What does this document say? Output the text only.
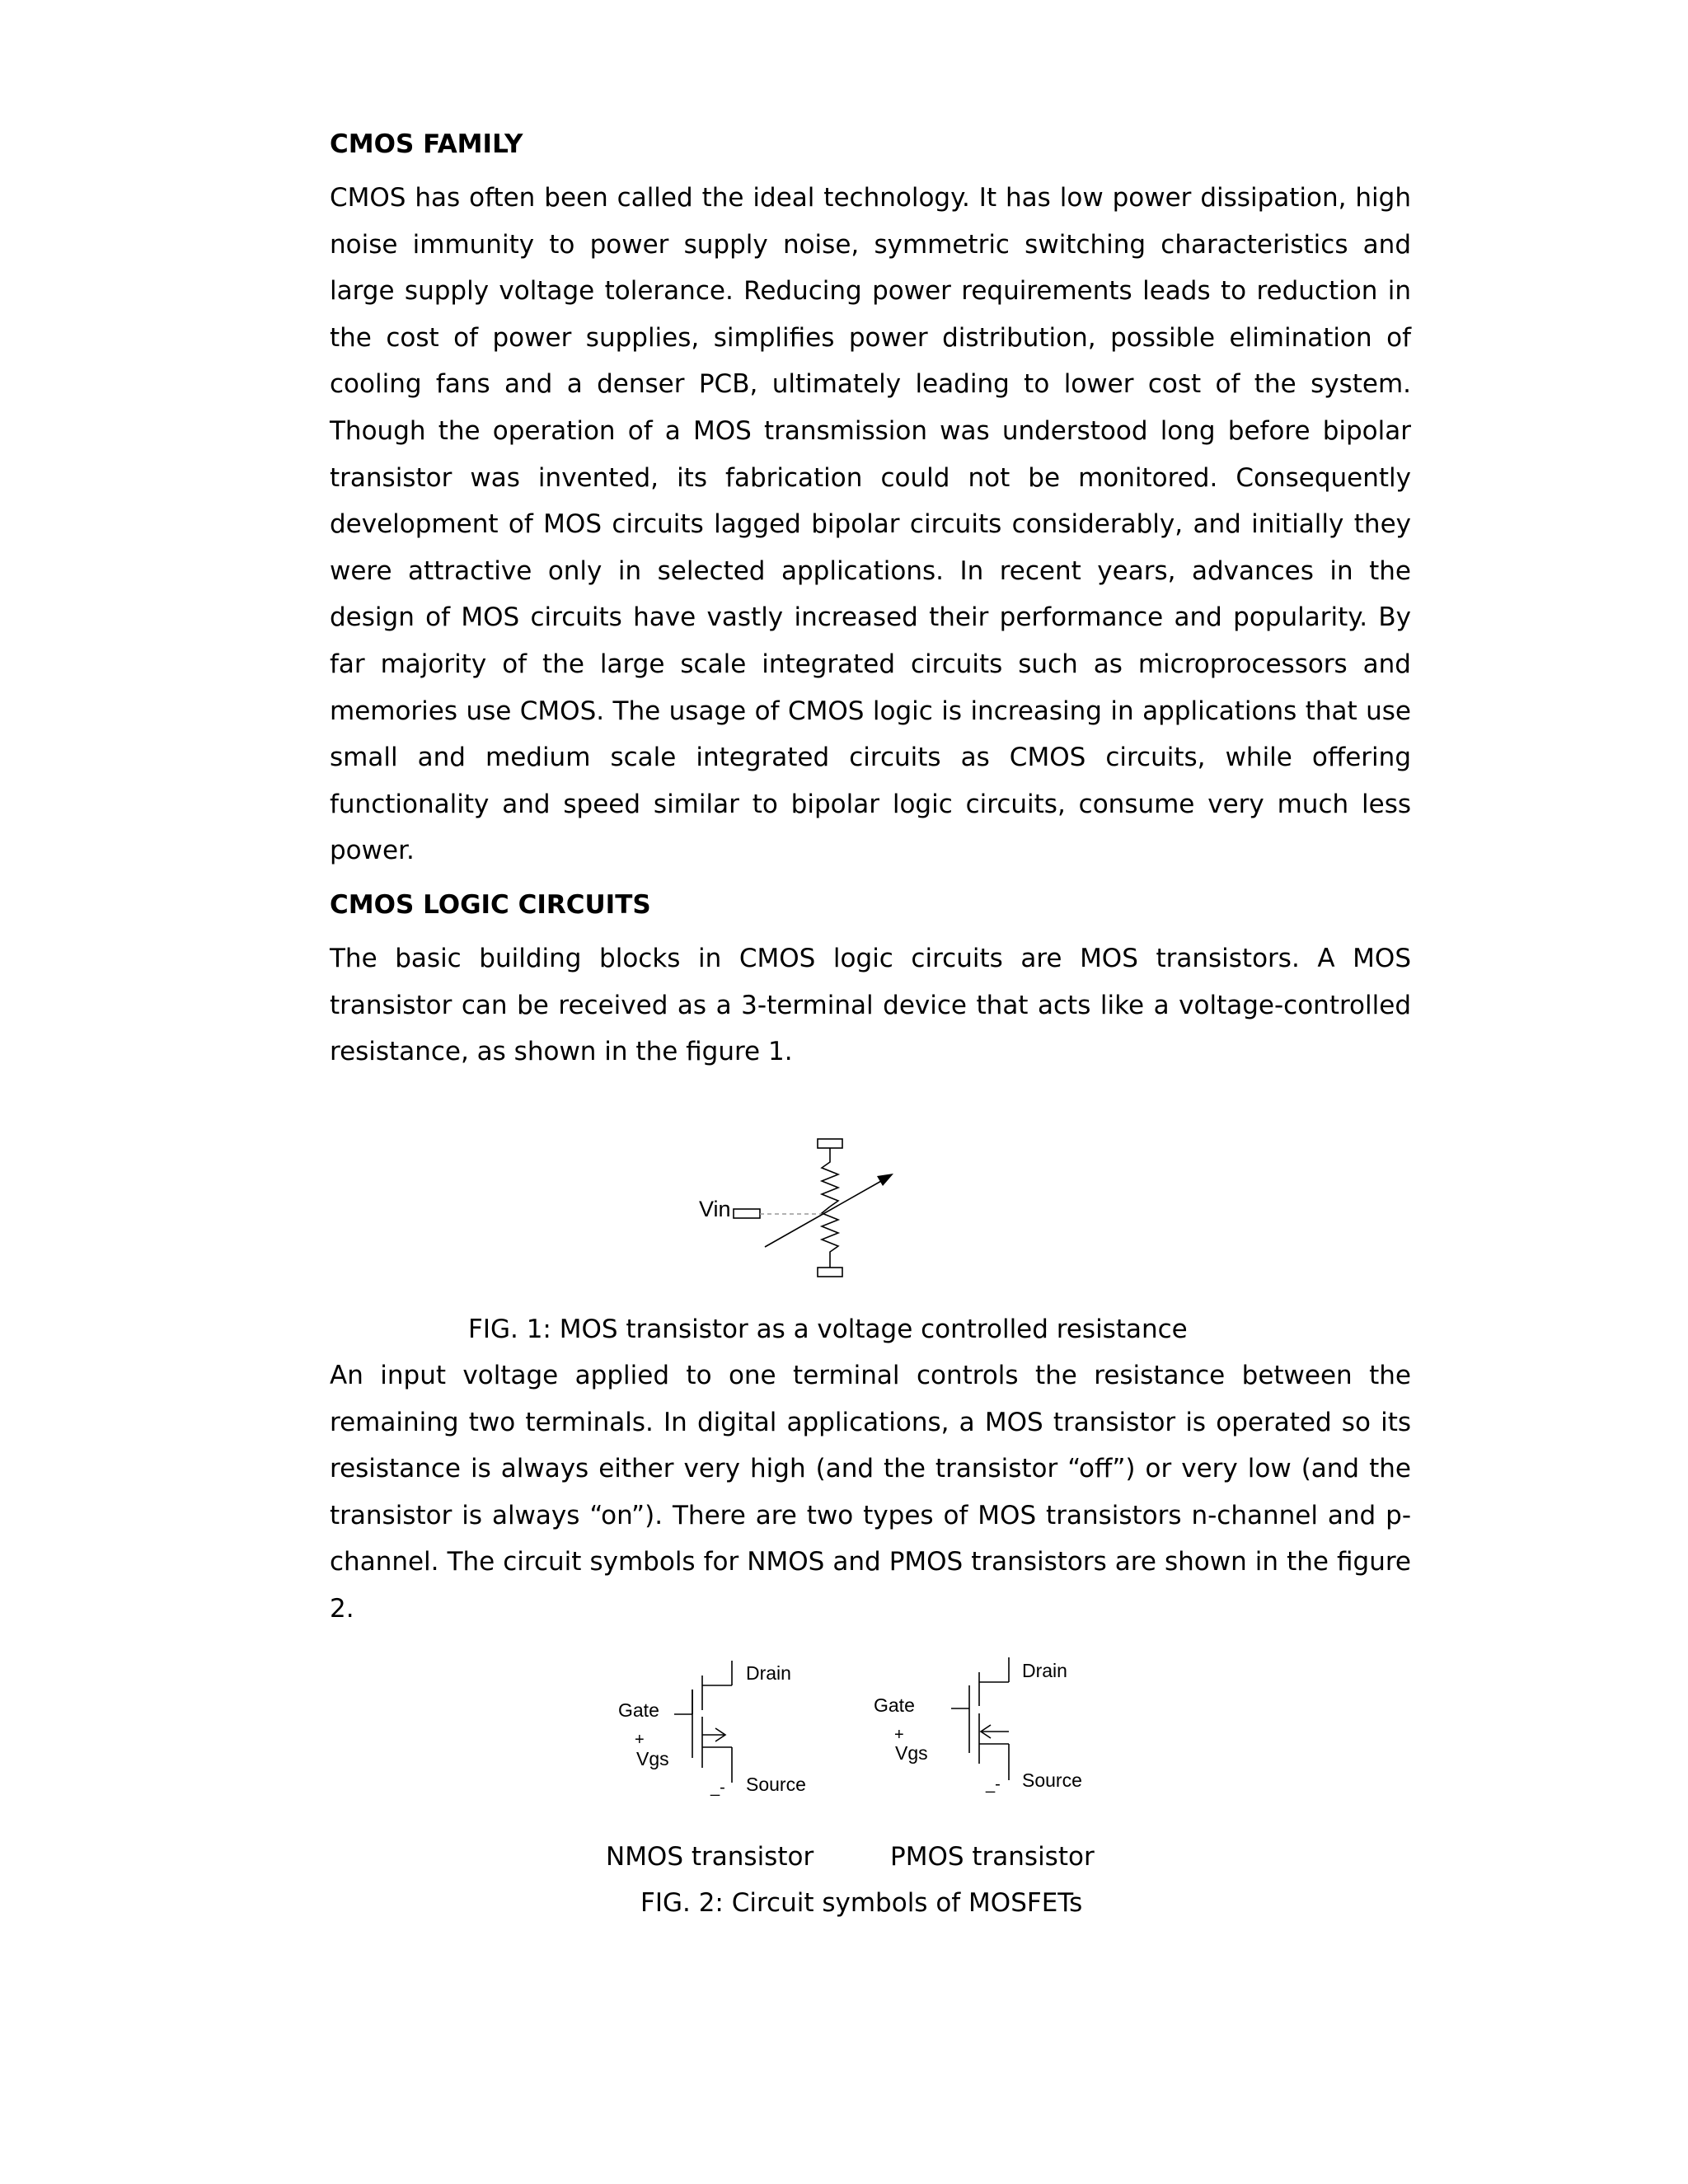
CMOS FAMILY

CMOS has often been called the ideal technology. It has low power dissipation, high noise immunity to power supply noise, symmetric switching characteristics and large supply voltage tolerance. Reducing power requirements leads to reduction in the cost of power supplies, simplifies power distribution, possible elimination of cooling fans and a denser PCB, ultimately leading to lower cost of the system. Though the operation of a MOS transmission was understood long before bipolar transistor was invented, its fabrication could not be monitored. Consequently development of MOS circuits lagged bipolar circuits considerably, and initially they were attractive only in selected applications. In recent years, advances in the design of MOS circuits have vastly increased their performance and popularity. By far majority of the large scale integrated circuits such as microprocessors and memories use CMOS. The usage of CMOS logic is increasing in applications that use small and medium scale integrated circuits as CMOS circuits, while offering functionality and speed similar to bipolar logic circuits, consume very much less power.

CMOS LOGIC CIRCUITS

The basic building blocks in CMOS logic circuits are MOS transistors. A MOS transistor can be received as a 3-terminal device that acts like a voltage-controlled resistance, as shown in the figure 1.

Vin

FIG. 1: MOS transistor as a voltage controlled resistance

An input voltage applied to one terminal controls the resistance between the remaining two terminals. In digital applications, a MOS transistor is operated so its resistance is always either very high (and the transistor “off”) or very low (and the transistor is always “on”). There are two types of MOS transistors n-channel and p-channel. The circuit symbols for NMOS and PMOS transistors are shown in the figure 2.

Drain
Gate
+
Vgs
_- Source
Drain
Gate
+
Vgs
_- Source
NMOS transistor	PMOS transistor
FIG. 2: Circuit symbols of MOSFETs
